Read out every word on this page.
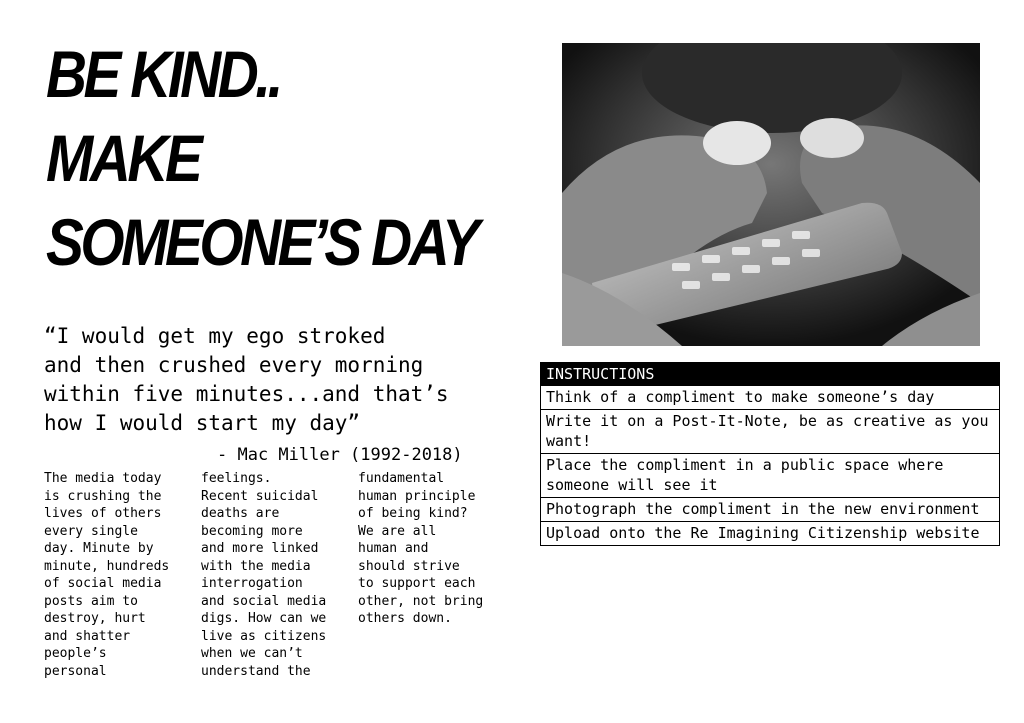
BE KIND..
MAKE
SOMEONE’S DAY
“I would get my ego stroked
and then crushed every morning
within five minutes...and that’s
how I would start my day”
- Mac Miller (1992-2018)
The media today
is crushing the
lives of others
every single
day. Minute by
minute, hundreds
of social media
posts aim to
destroy, hurt
and shatter
people’s
personal
feelings.
Recent suicidal
deaths are
becoming more
and more linked
with the media
interrogation
and social media
digs. How can we
live as citizens
when we can’t
understand the
fundamental
human principle
of being kind?
We are all
human and
should strive
to support each
other, not bring
others down.
INSTRUCTIONS
Think of a compliment to make someone’s day
Write it on a Post-It-Note, be as creative as you want!
Place the compliment in a public space where someone will see it
Photograph the compliment in the new environment
Upload onto the Re Imagining Citizenship website
